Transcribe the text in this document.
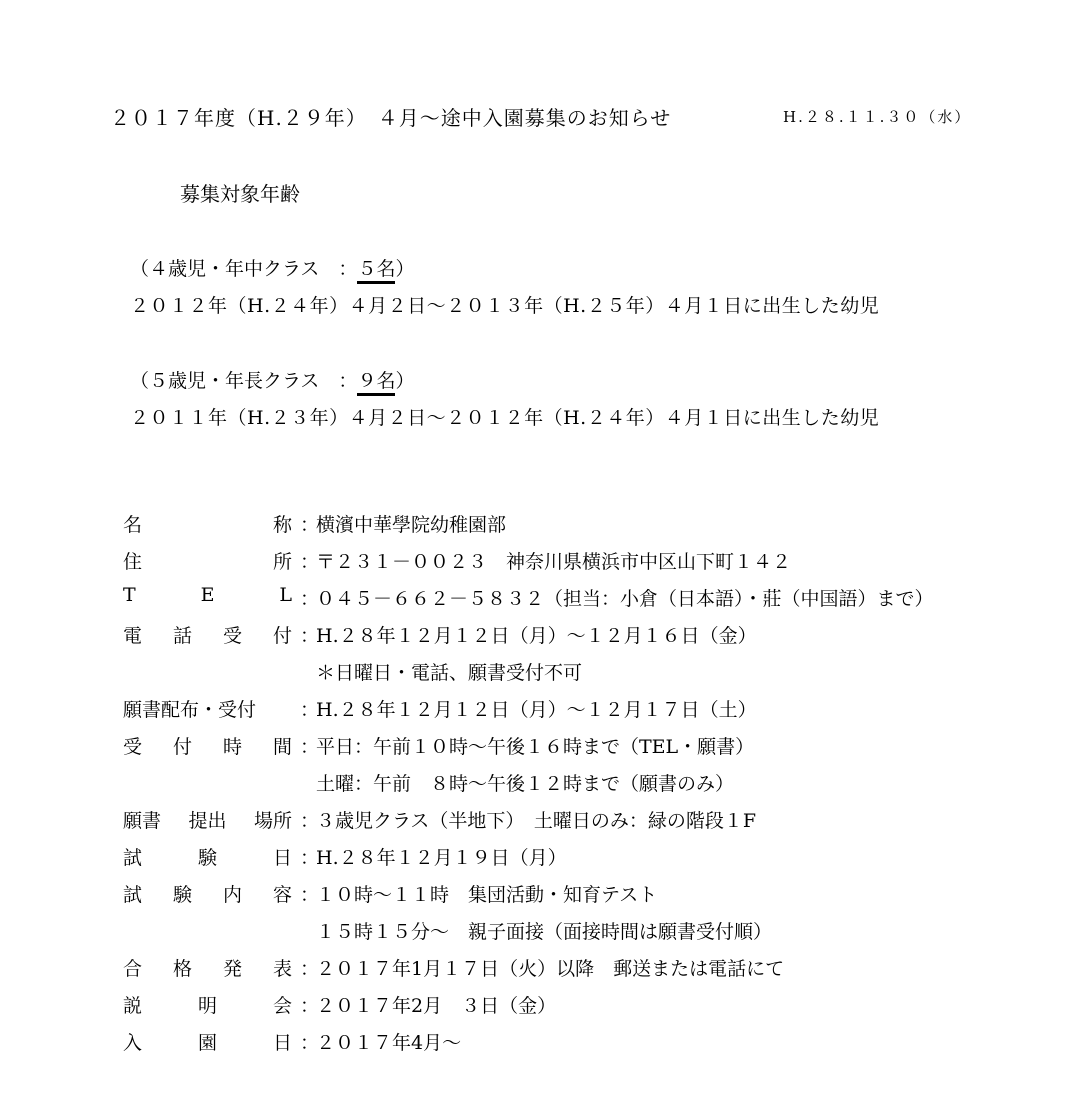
２０１７年度（H.２９年）　４月～途中入園募集のお知らせ	H.２８.１１.３０（水）
募集対象年齢
（４歳児・年中クラス　：５名）
２０１２年（H.２４年）４月２日～２０１３年（H.２５年）４月１日に出生した幼児
（５歳児・年長クラス　：９名）
２０１１年（H.２３年）４月２日～２０１２年（H.２４年）４月１日に出生した幼児
名	称 ：
横濱中華學院幼稚園部
住	所 ：
〒２３１－００２３　神奈川県横浜市中区山下町１４２
T	E	L ：
０４５－６６２－５８３２（担当：小倉（日本語）・莊（中国語）まで）
電 話 受 付 ：
H.２８年１２月１２日（月）～１２月１６日（金）
＊日曜日・電話、願書受付不可
願書配布・受付 ：
H.２８年１２月１２日（月）～１２月１７日（土）
受 付 時 間 ：
平日：午前１０時～午後１６時まで（TEL・願書）
土曜：午前　８時～午後１２時まで（願書のみ）
願書 提出 場所 ：
３歳児クラス（半地下）　土曜日のみ：緑の階段１F
試	験	日 ：
H.２８年１２月１９日（月）
試 験 内 容 ：
１０時～１１時　集団活動・知育テスト
１５時１５分～　親子面接（面接時間は願書受付順）
合 格 発 表 ：
２０１７年1月１７日（火）以降　郵送または電話にて
説	明	会 ：
２０１７年2月　３日（金）
入	園	日 ：
２０１７年4月～
